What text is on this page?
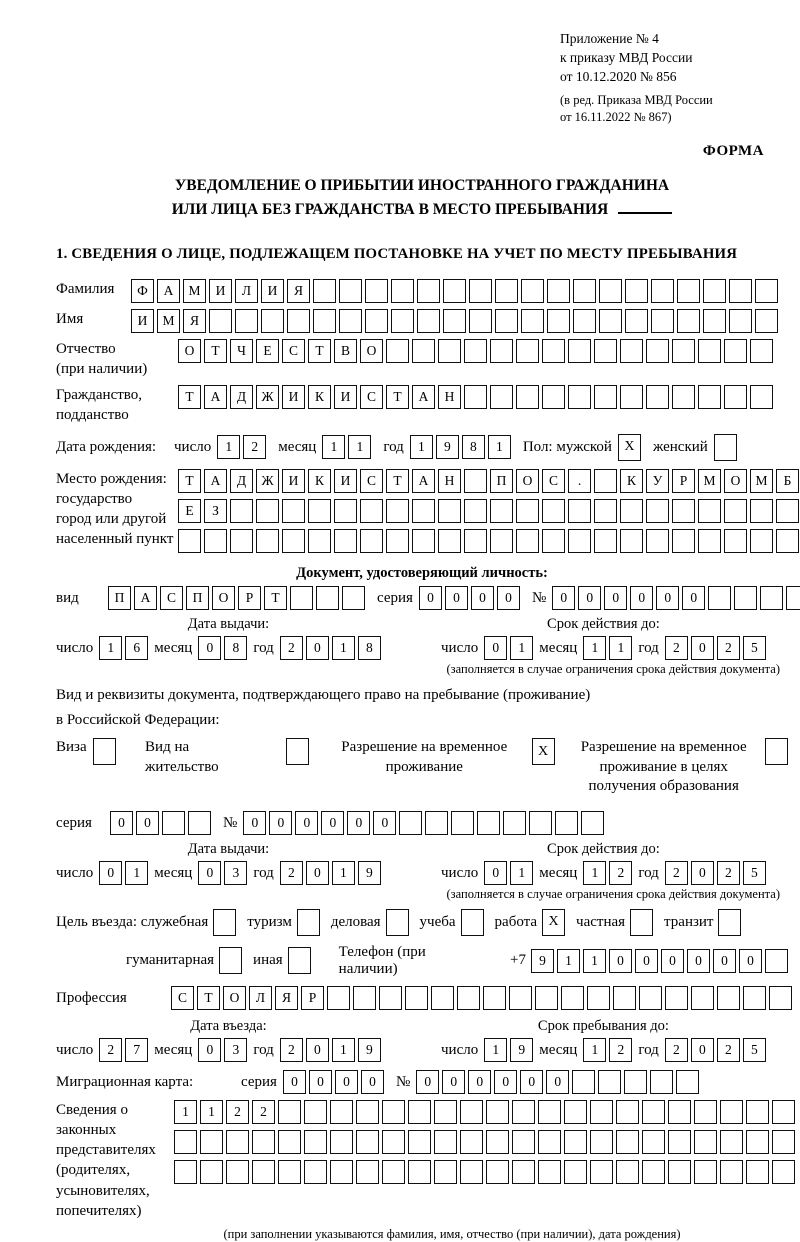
Приложение № 4
к приказу МВД России
от 10.12.2020 № 856
(в ред. Приказа МВД России
от 16.11.2022 № 867)
ФОРМА
УВЕДОМЛЕНИЕ О ПРИБЫТИИ ИНОСТРАННОГО ГРАЖДАНИНА
ИЛИ ЛИЦА БЕЗ ГРАЖДАНСТВА В МЕСТО ПРЕБЫВАНИЯ
1. СВЕДЕНИЯ О ЛИЦЕ, ПОДЛЕЖАЩЕМ ПОСТАНОВКЕ НА УЧЕТ ПО МЕСТУ ПРЕБЫВАНИЯ
Фамилия	Ф	А	М	И	Л	И	Я
Имя	И	М	Я
Отчество
(при наличии)
О	Т	Ч	Е	С	Т	В	О
Гражданство,
подданство
Т	А	Д	Ж	И	К	И	С	Т	А	Н
Дата рождения:	число	1	2	месяц	1	1	год	1	9	8	1	Пол: мужской X	женский
Место рождения:
государство
город или другой
населенный пункт
Т	А	Д	Ж	И	К	И	С	Т	А	Н	П	О	С	.	К	У	Р	М	О	М	Б
Е	З
Документ, удостоверяющий личность:
вид	П	А	С	П	О	Р	Т	серия	0	0	0	0	№	0	0	0	0	0	0
Дата выдачи:
число	1	6 месяц	0	8 год	2	0	1	8
Срок действия до:
число	0	1 месяц	1	1 год	2	0	2	5
(заполняется в случае ограничения срока действия документа)
Вид и реквизиты документа, подтверждающего право на пребывание (проживание)
в Российской Федерации:
Виза	Вид на жительство
Разрешение на временное проживание
X	Разрешение на временное проживание в целях получения образования
серия	0	0	№	0	0	0	0	0	0
Дата выдачи:
число	0	1 месяц	0	3 год	2	0	1	9
Срок действия до:
число	0	1 месяц	1	2 год	2	0	2	5
(заполняется в случае ограничения срока действия документа)
Цель въезда: служебная	туризм	деловая	учеба	работа X	частная	транзит
гуманитарная	иная
Телефон (при наличии)
+7 9	1	1	0	0	0	0	0	0
Профессия	С	Т	О	Л	Я	Р
Дата въезда:
число	2	7 месяц	0	3 год	2	0	1	9
Срок пребывания до:
число	1	9 месяц	1	2 год	2	0	2	5
Миграционная карта:	серия	0	0	0	0	№	0	0	0	0	0	0
Сведения о законных представителях (родителях, усыновителях, попечителях)
1	1	2	2
(при заполнении указываются фамилия, имя, отчество (при наличии), дата рождения)
